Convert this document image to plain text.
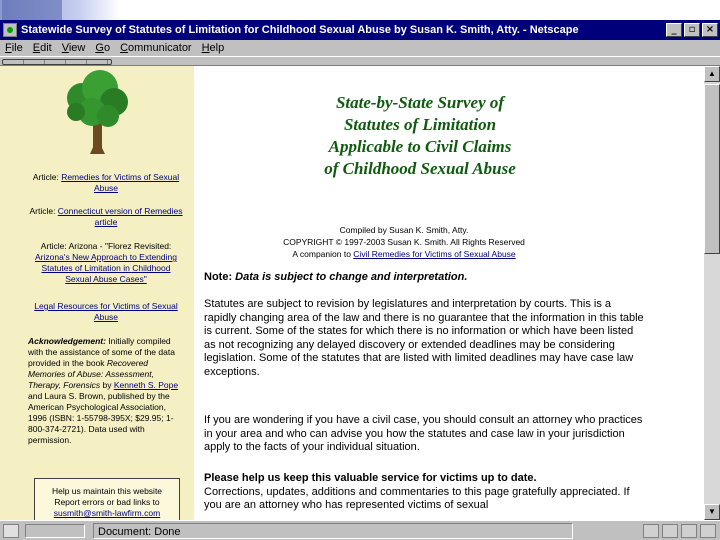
Statewide Survey of Statutes of Limitation for Childhood Sexual Abuse by Susan K. Smith, Atty. - Netscape	_	▫	×
File Edit View Go Communicator Help
Article: Remedies for Victims of Sexual Abuse
Article: Connecticut version of Remedies article
Article: Arizona - "Florez Revisited: Arizona's New Approach to Extending Statutes of Limitation in Childhood Sexual Abuse Cases"
Legal Resources for Victims of Sexual Abuse
Acknowledgement: Initially compiled with the assistance of some of the data provided in the book Recovered Memories of Abuse: Assessment, Therapy, Forensics by Kenneth S. Pope and Laura S. Brown, published by the American Psychological Association, 1996 (ISBN: 1-55798-395X; $29.95; 1-800-374-2721). Data used with permission.
Help us maintain this website
Report errors or bad links to
susmith@smith-lawfirm.com
State-by-State Survey of
Statutes of Limitation
Applicable to Civil Claims
of Childhood Sexual Abuse
Compiled by Susan K. Smith, Atty.
COPYRIGHT © 1997-2003 Susan K. Smith. All Rights Reserved
A companion to Civil Remedies for Victims of Sexual Abuse
Note: Data is subject to change and interpretation.
Statutes are subject to revision by legislatures and interpretation by courts. This is a rapidly changing area of the law and there is no guarantee that the information in this table is current. Some of the states for which there is no information or which have been listed as not recognizing any delayed discovery or extended deadlines may be considering legislation. Some of the statutes that are listed with limited deadlines may have case law exceptions.
If you are wondering if you have a civil case, you should consult an attorney who practices in your area and who can advise you how the statutes and case law in your jurisdiction apply to the facts of your individual situation.
Please help us keep this valuable service for victims up to date.
Corrections, updates, additions and commentaries to this page gratefully appreciated. If you are an attorney who has represented victims of sexual
▲
▼
Document: Done
